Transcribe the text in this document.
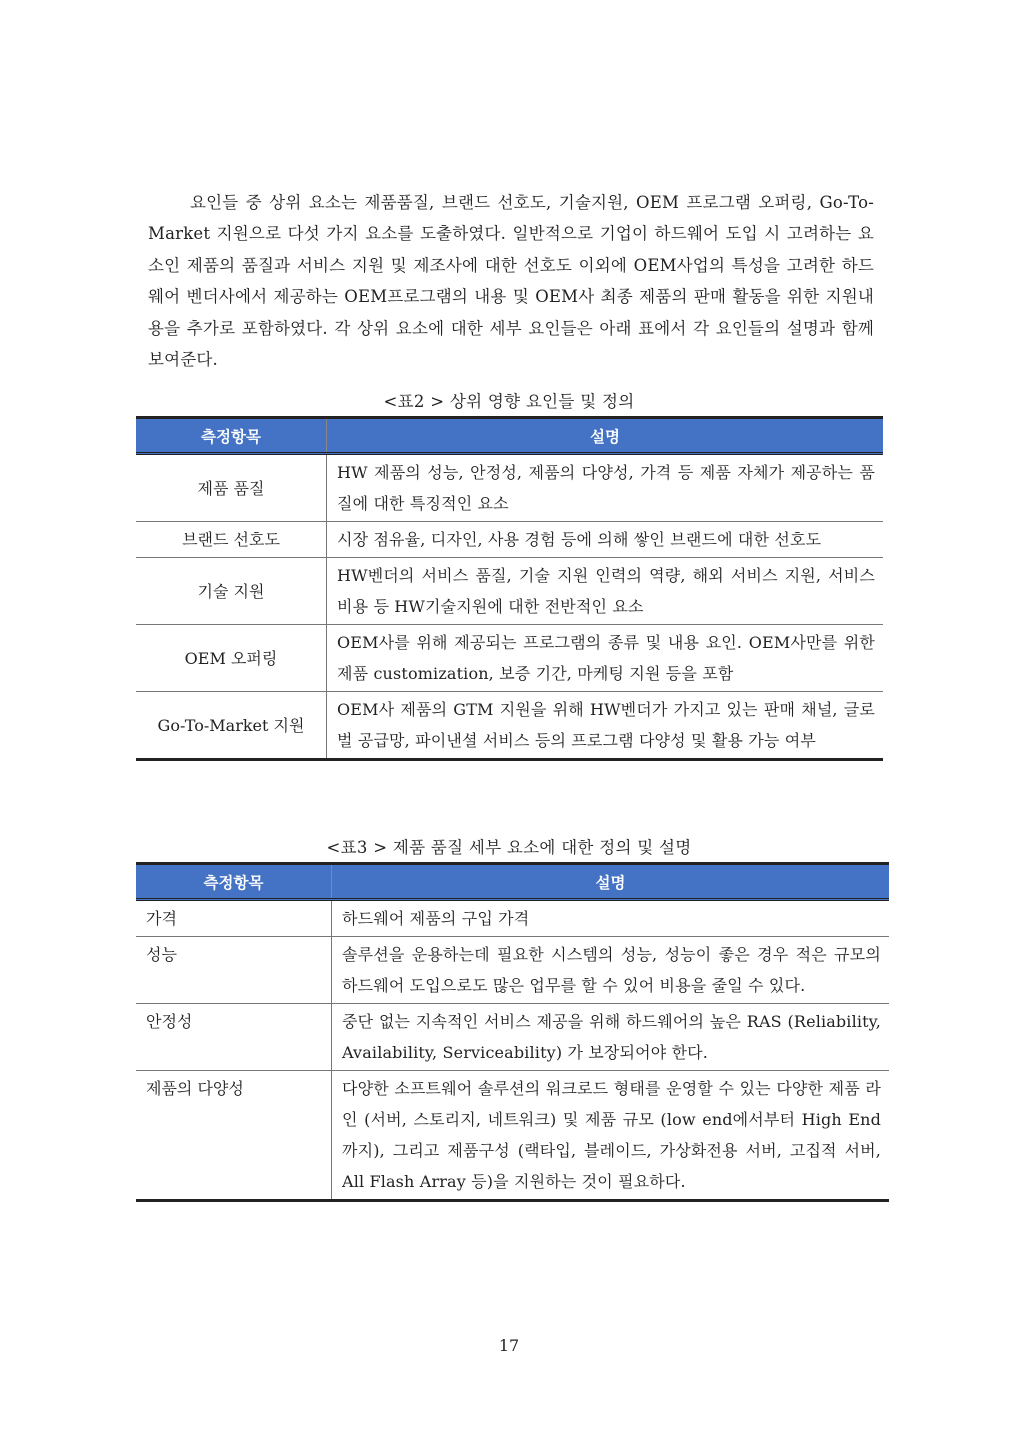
요인들 중 상위 요소는 제품품질, 브랜드 선호도, 기술지원, OEM 프로그램 오퍼링, Go-To-Market 지원으로 다섯 가지 요소를 도출하였다. 일반적으로 기업이 하드웨어 도입 시 고려하는 요소인 제품의 품질과 서비스 지원 및 제조사에 대한 선호도 이외에 OEM사업의 특성을 고려한 하드웨어 벤더사에서 제공하는 OEM프로그램의 내용 및 OEM사 최종 제품의 판매 활동을 위한 지원내용을 추가로 포함하였다. 각 상위 요소에 대한 세부 요인들은 아래 표에서 각 요인들의 설명과 함께 보여준다.

<표2 > 상위 영향 요인들 및 정의
측정항목	설명
제품 품질	HW 제품의 성능, 안정성, 제품의 다양성, 가격 등 제품 자체가 제공하는 품질에 대한 특징적인 요소
브랜드 선호도	시장 점유율, 디자인, 사용 경험 등에 의해 쌓인 브랜드에 대한 선호도
기술 지원	HW벤더의 서비스 품질, 기술 지원 인력의 역량, 해외 서비스 지원, 서비스 비용 등 HW기술지원에 대한 전반적인 요소
OEM 오퍼링	OEM사를 위해 제공되는 프로그램의 종류 및 내용 요인. OEM사만를 위한 제품 customization, 보증 기간, 마케팅 지원 등을 포함
Go-To-Market 지원	OEM사 제품의 GTM 지원을 위해 HW벤더가 가지고 있는 판매 채널, 글로벌 공급망, 파이낸셜 서비스 등의 프로그램 다양성 및 활용 가능 여부
<표3 > 제품 품질 세부 요소에 대한 정의 및 설명
측정항목	설명
가격	하드웨어 제품의 구입 가격
성능	솔루션을 운용하는데 필요한 시스템의 성능, 성능이 좋은 경우 적은 규모의 하드웨어 도입으로도 많은 업무를 할 수 있어 비용을 줄일 수 있다.
안정성	중단 없는 지속적인 서비스 제공을 위해 하드웨어의 높은 RAS (Reliability, Availability, Serviceability) 가 보장되어야 한다.
제품의 다양성	다양한 소프트웨어 솔루션의 워크로드 형태를 운영할 수 있는 다양한 제품 라인 (서버, 스토리지, 네트워크) 및 제품 규모 (low end에서부터 High End까지), 그리고 제품구성 (랙타입, 블레이드, 가상화전용 서버, 고집적 서버, All Flash Array 등)을 지원하는 것이 필요하다.
17
